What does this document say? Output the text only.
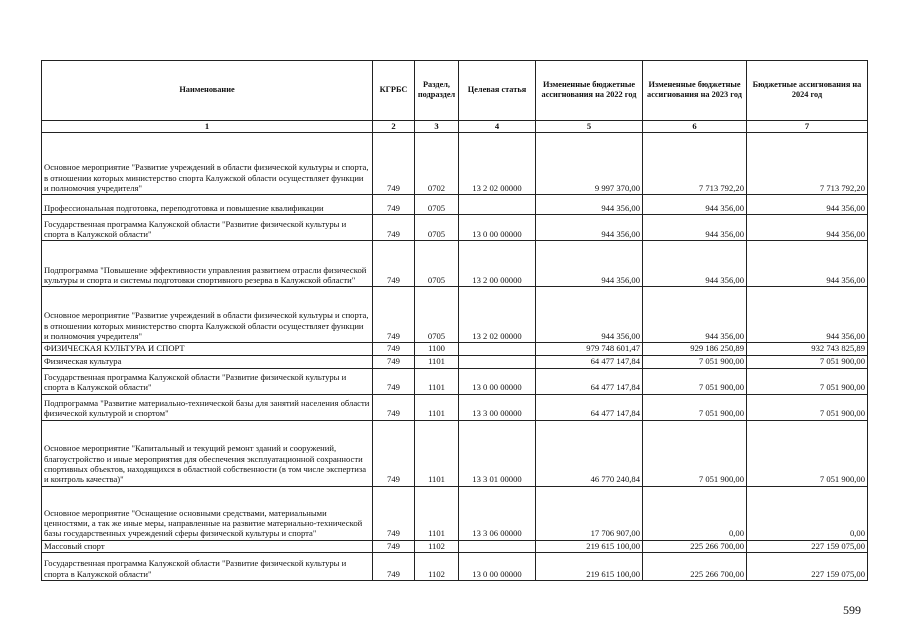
Наименование	КГРБС	Раздел, подраздел	Целевая статья	Измененные бюджетные ассигнования на 2022 год	Измененные бюджетные ассигнования на 2023 год	Бюджетные ассигнования на 2024 год
1	2	3	4	5	6	7
Основное мероприятие "Развитие учреждений в области физической культуры и спорта, в отношении которых министерство спорта Калужской области осуществляет функции и полномочия учредителя"	749	0702	13 2 02 00000	9 997 370,00	7 713 792,20	7 713 792,20
Профессиональная подготовка, переподготовка и повышение квалификации	749	0705		944 356,00	944 356,00	944 356,00
Государственная программа Калужской области "Развитие физической культуры и спорта в Калужской области"	749	0705	13 0 00 00000	944 356,00	944 356,00	944 356,00
Подпрограмма "Повышение эффективности управления развитием отрасли физической культуры и спорта и системы подготовки спортивного резерва в Калужской области"	749	0705	13 2 00 00000	944 356,00	944 356,00	944 356,00
Основное мероприятие "Развитие учреждений в области физической культуры и спорта, в отношении которых министерство спорта Калужской области осуществляет функции и полномочия учредителя"	749	0705	13 2 02 00000	944 356,00	944 356,00	944 356,00
ФИЗИЧЕСКАЯ КУЛЬТУРА И СПОРТ	749	1100		979 748 601,47	929 186 250,89	932 743 825,89
Физическая культура	749	1101		64 477 147,84	7 051 900,00	7 051 900,00
Государственная программа Калужской области "Развитие физической культуры и спорта в Калужской области"	749	1101	13 0 00 00000	64 477 147,84	7 051 900,00	7 051 900,00
Подпрограмма "Развитие материально-технической базы для занятий населения области физической культурой и спортом"	749	1101	13 3 00 00000	64 477 147,84	7 051 900,00	7 051 900,00
Основное мероприятие "Капитальный и текущий ремонт зданий и сооружений, благоустройство и иные мероприятия для обеспечения эксплуатационной сохранности спортивных объектов, находящихся в областной собственности (в том числе экспертиза и контроль качества)"	749	1101	13 3 01 00000	46 770 240,84	7 051 900,00	7 051 900,00
Основное мероприятие "Оснащение основными средствами, материальными ценностями, а так же иные меры, направленные на развитие материально-технической базы государственных учреждений сферы физической культуры и спорта"	749	1101	13 3 06 00000	17 706 907,00	0,00	0,00
Массовый спорт	749	1102		219 615 100,00	225 266 700,00	227 159 075,00
Государственная программа Калужской области "Развитие физической культуры и спорта в Калужской области"	749	1102	13 0 00 00000	219 615 100,00	225 266 700,00	227 159 075,00
599
